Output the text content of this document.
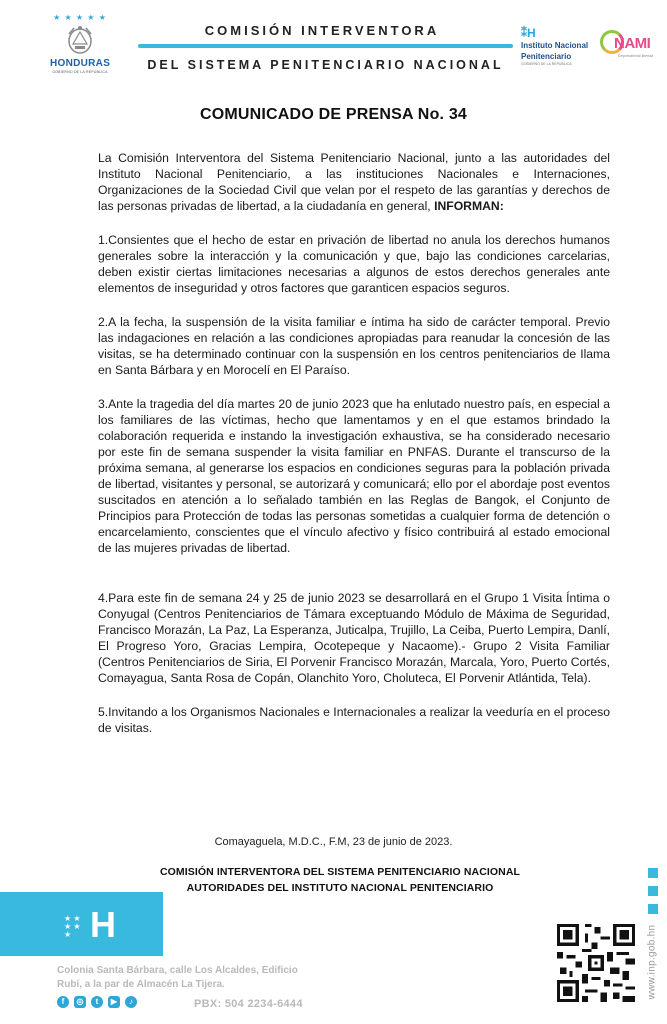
★ ★ ★ ★ ★
HONDURAS
GOBIERNO DE LA REPÚBLICA
COMISIÓN INTERVENTORA
DEL SISTEMA PENITENCIARIO NACIONAL
⁑H
Instituto Nacional
Penitenciario
GOBIERNO DE LA REPÚBLICA
NAMI
Emprendiendo libertad
COMUNICADO DE PRENSA No. 34

La Comisión Interventora del Sistema Penitenciario Nacional, junto a las autoridades del Instituto Nacional Penitenciario, a las instituciones Nacionales e Internaciones, Organizaciones de la Sociedad Civil que velan por el respeto de las garantías y derechos de las personas privadas de libertad, a la ciudadanía en general, INFORMAN:

1.Consientes que el hecho de estar en privación de libertad no anula los derechos humanos generales sobre la interacción y la comunicación y que, bajo las condiciones carcelarias, deben existir ciertas limitaciones necesarias a algunos de estos derechos generales ante elementos de inseguridad y otros factores que garanticen espacios seguros.

2.A la fecha, la suspensión de la visita familiar e íntima ha sido de carácter temporal. Previo las indagaciones en relación a las condiciones apropiadas para reanudar la concesión de las visitas, se ha determinado continuar con la suspensión en los centros penitenciarios de Ilama en Santa Bárbara y en Morocelí en El Paraíso.

3.Ante la tragedia del día martes 20 de junio 2023 que ha enlutado nuestro país, en especial a los familiares de las víctimas, hecho que lamentamos y en el que estamos brindado la colaboración requerida e instando la investigación exhaustiva, se ha considerado necesario por este fin de semana suspender la visita familiar en PNFAS. Durante el transcurso de la próxima semana, al generarse los espacios en condiciones seguras para la población privada de libertad, visitantes y personal, se autorizará y comunicará; ello por el abordaje post eventos suscitados en atención a lo señalado también en las Reglas de Bangok, el Conjunto de Principios para Protección de todas las personas sometidas a cualquier forma de detención o encarcelamiento, conscientes que el vínculo afectivo y físico contribuirá al estado emocional de las mujeres privadas de libertad.

4.Para este fin de semana 24 y 25 de junio 2023 se desarrollará en el Grupo 1 Visita Íntima o Conyugal (Centros Penitenciarios de Támara exceptuando Módulo de Máxima de Seguridad, Francisco Morazán, La Paz, La Esperanza, Juticalpa, Trujillo, La Ceiba, Puerto Lempira, Danlí, El Progreso Yoro, Gracias Lempira, Ocotepeque y Nacaome).- Grupo 2 Visita Familiar (Centros Penitenciarios de Siria, El Porvenir Francisco Morazán, Marcala, Yoro, Puerto Cortés, Comayagua, Santa Rosa de Copán, Olanchito Yoro, Choluteca, El Porvenir Atlántida, Tela).

5.Invitando a los Organismos Nacionales e Internacionales a realizar la veeduría en el proceso de visitas.

Comayaguela, M.D.C., F.M, 23 de junio de 2023.
COMISIÓN INTERVENTORA DEL SISTEMA PENITENCIARIO NACIONAL
AUTORIDADES DEL INSTITUTO NACIONAL PENITENCIARIO
★ ★ ★ ★ ★ H
Colonia Santa Bárbara, calle Los Alcaldes, Edificio
Rubí, a la par de Almacén La Tijera.
f	◎	t	▶	♪	PBX: 504 2234-6444
www.inp.gob.hn
